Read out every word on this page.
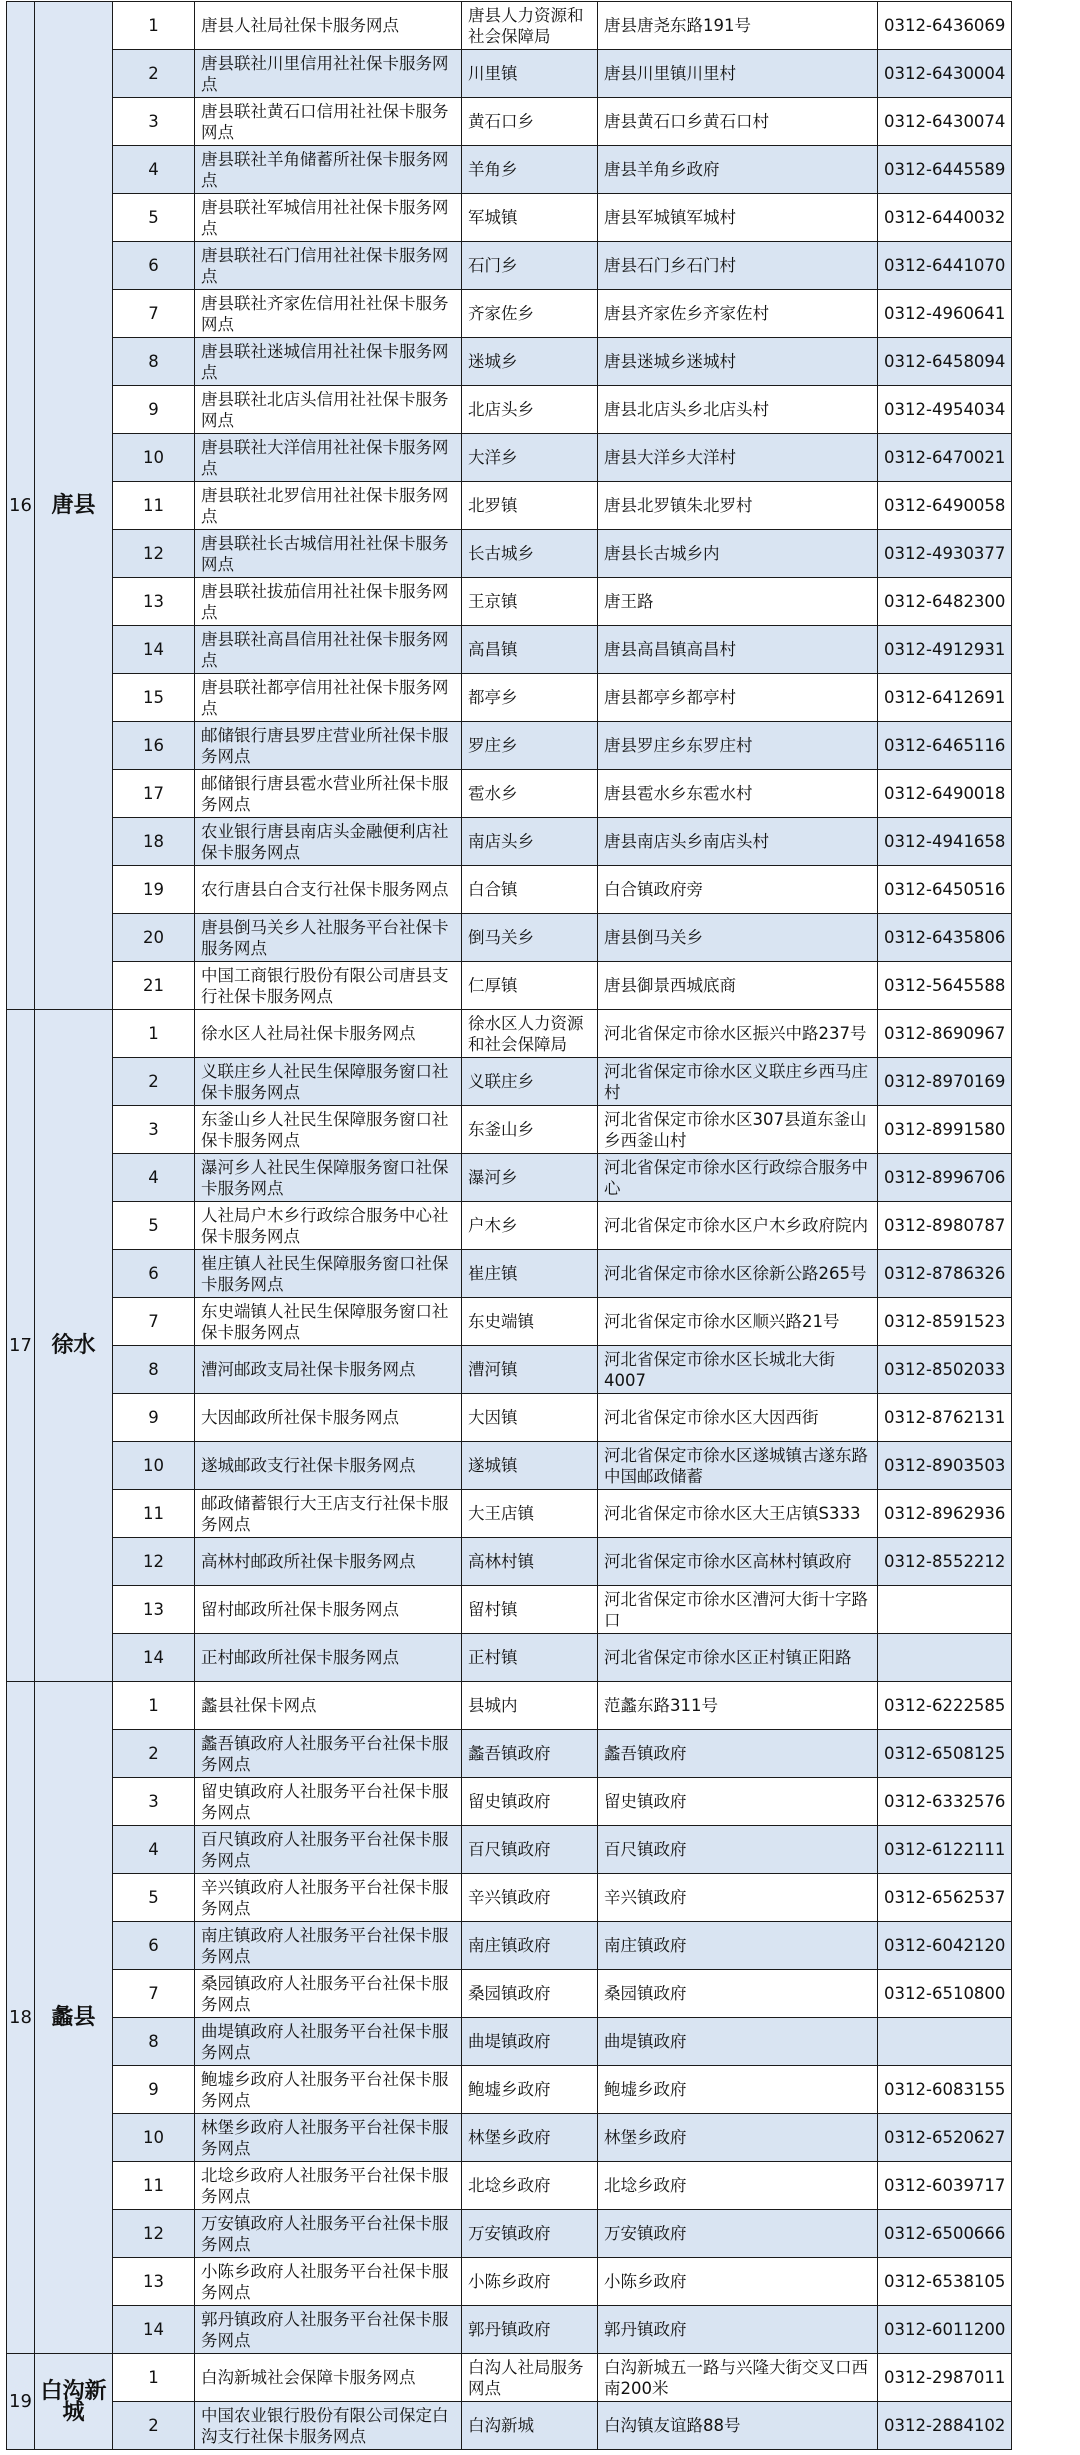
16	唐县	1	唐县人社局社保卡服务网点	唐县人力资源和社会保障局	唐县唐尧东路191号	0312-6436069
		2	唐县联社川里信用社社保卡服务网点	川里镇	唐县川里镇川里村	0312-6430004
		3	唐县联社黄石口信用社社保卡服务网点	黄石口乡	唐县黄石口乡黄石口村	0312-6430074
		4	唐县联社羊角储蓄所社保卡服务网点	羊角乡	唐县羊角乡政府	0312-6445589
		5	唐县联社军城信用社社保卡服务网点	军城镇	唐县军城镇军城村	0312-6440032
		6	唐县联社石门信用社社保卡服务网点	石门乡	唐县石门乡石门村	0312-6441070
		7	唐县联社齐家佐信用社社保卡服务网点	齐家佐乡	唐县齐家佐乡齐家佐村	0312-4960641
		8	唐县联社迷城信用社社保卡服务网点	迷城乡	唐县迷城乡迷城村	0312-6458094
		9	唐县联社北店头信用社社保卡服务网点	北店头乡	唐县北店头乡北店头村	0312-4954034
		10	唐县联社大洋信用社社保卡服务网点	大洋乡	唐县大洋乡大洋村	0312-6470021
		11	唐县联社北罗信用社社保卡服务网点	北罗镇	唐县北罗镇朱北罗村	0312-6490058
		12	唐县联社长古城信用社社保卡服务网点	长古城乡	唐县长古城乡内	0312-4930377
		13	唐县联社拔茄信用社社保卡服务网点	王京镇	唐王路	0312-6482300
		14	唐县联社高昌信用社社保卡服务网点	高昌镇	唐县高昌镇高昌村	0312-4912931
		15	唐县联社都亭信用社社保卡服务网点	都亭乡	唐县都亭乡都亭村	0312-6412691
		16	邮储银行唐县罗庄营业所社保卡服务网点	罗庄乡	唐县罗庄乡东罗庄村	0312-6465116
		17	邮储银行唐县雹水营业所社保卡服务网点	雹水乡	唐县雹水乡东雹水村	0312-6490018
		18	农业银行唐县南店头金融便利店社保卡服务网点	南店头乡	唐县南店头乡南店头村	0312-4941658
		19	农行唐县白合支行社保卡服务网点	白合镇	白合镇政府旁	0312-6450516
		20	唐县倒马关乡人社服务平台社保卡服务网点	倒马关乡	唐县倒马关乡	0312-6435806
		21	中国工商银行股份有限公司唐县支行社保卡服务网点	仁厚镇	唐县御景西城底商	0312-5645588
17	徐水	1	徐水区人社局社保卡服务网点	徐水区人力资源和社会保障局	河北省保定市徐水区振兴中路237号	0312-8690967
		2	义联庄乡人社民生保障服务窗口社保卡服务网点	义联庄乡	河北省保定市徐水区义联庄乡西马庄村	0312-8970169
		3	东釜山乡人社民生保障服务窗口社保卡服务网点	东釜山乡	河北省保定市徐水区307县道东釜山乡西釜山村	0312-8991580
		4	瀑河乡人社民生保障服务窗口社保卡服务网点	瀑河乡	河北省保定市徐水区行政综合服务中心	0312-8996706
		5	人社局户木乡行政综合服务中心社保卡服务网点	户木乡	河北省保定市徐水区户木乡政府院内	0312-8980787
		6	崔庄镇人社民生保障服务窗口社保卡服务网点	崔庄镇	河北省保定市徐水区徐新公路265号	0312-8786326
		7	东史端镇人社民生保障服务窗口社保卡服务网点	东史端镇	河北省保定市徐水区顺兴路21号	0312-8591523
		8	漕河邮政支局社保卡服务网点	漕河镇	河北省保定市徐水区长城北大街4007	0312-8502033
		9	大因邮政所社保卡服务网点	大因镇	河北省保定市徐水区大因西街	0312-8762131
		10	遂城邮政支行社保卡服务网点	遂城镇	河北省保定市徐水区遂城镇古遂东路中国邮政储蓄	0312-8903503
		11	邮政储蓄银行大王店支行社保卡服务网点	大王店镇	河北省保定市徐水区大王店镇S333	0312-8962936
		12	高林村邮政所社保卡服务网点	高林村镇	河北省保定市徐水区高林村镇政府	0312-8552212
		13	留村邮政所社保卡服务网点	留村镇	河北省保定市徐水区漕河大街十字路口	
		14	正村邮政所社保卡服务网点	正村镇	河北省保定市徐水区正村镇正阳路	
18	蠡县	1	蠡县社保卡网点	县城内	范蠡东路311号	0312-6222585
		2	蠡吾镇政府人社服务平台社保卡服务网点	蠡吾镇政府	蠡吾镇政府	0312-6508125
		3	留史镇政府人社服务平台社保卡服务网点	留史镇政府	留史镇政府	0312-6332576
		4	百尺镇政府人社服务平台社保卡服务网点	百尺镇政府	百尺镇政府	0312-6122111
		5	辛兴镇政府人社服务平台社保卡服务网点	辛兴镇政府	辛兴镇政府	0312-6562537
		6	南庄镇政府人社服务平台社保卡服务网点	南庄镇政府	南庄镇政府	0312-6042120
		7	桑园镇政府人社服务平台社保卡服务网点	桑园镇政府	桑园镇政府	0312-6510800
		8	曲堤镇政府人社服务平台社保卡服务网点	曲堤镇政府	曲堤镇政府	
		9	鲍墟乡政府人社服务平台社保卡服务网点	鲍墟乡政府	鲍墟乡政府	0312-6083155
		10	林堡乡政府人社服务平台社保卡服务网点	林堡乡政府	林堡乡政府	0312-6520627
		11	北埝乡政府人社服务平台社保卡服务网点	北埝乡政府	北埝乡政府	0312-6039717
		12	万安镇政府人社服务平台社保卡服务网点	万安镇政府	万安镇政府	0312-6500666
		13	小陈乡政府人社服务平台社保卡服务网点	小陈乡政府	小陈乡政府	0312-6538105
		14	郭丹镇政府人社服务平台社保卡服务网点	郭丹镇政府	郭丹镇政府	0312-6011200
19	白沟新城	1	白沟新城社会保障卡服务网点	白沟人社局服务网点	白沟新城五一路与兴隆大街交叉口西南200米	0312-2987011
		2	中国农业银行股份有限公司保定白沟支行社保卡服务网点	白沟新城	白沟镇友谊路88号	0312-2884102
